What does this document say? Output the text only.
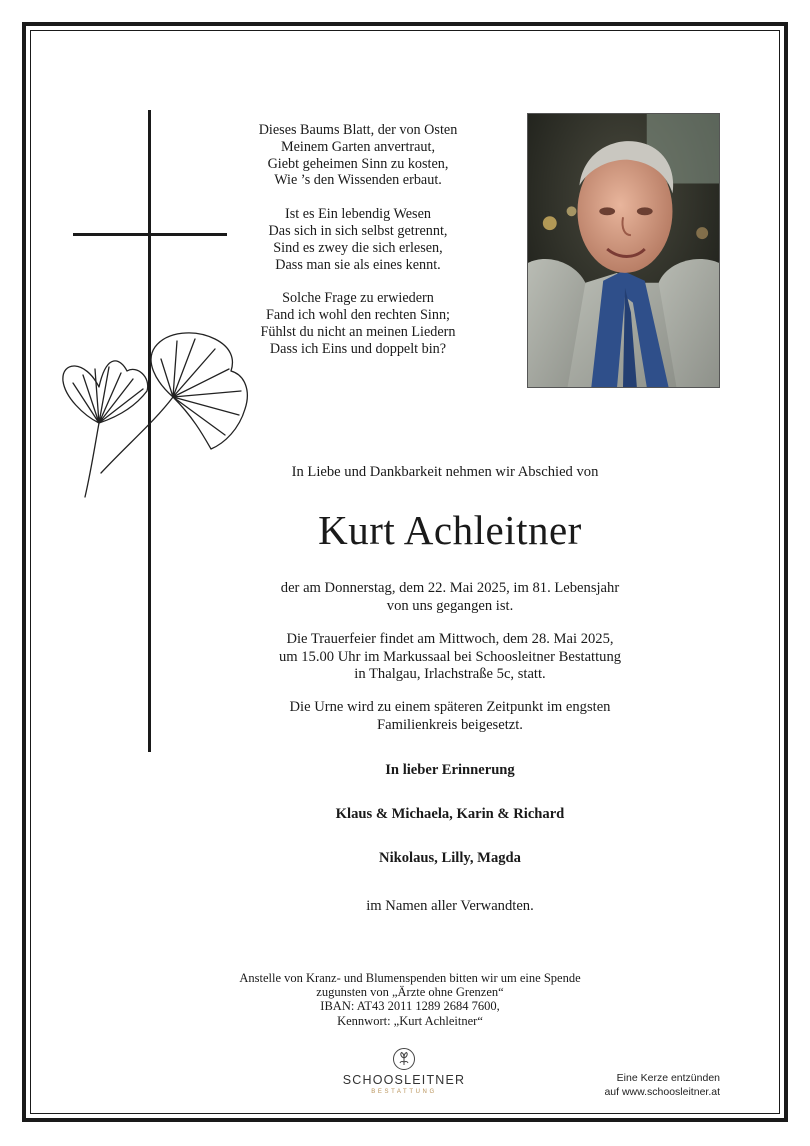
Dieses Baums Blatt, der von Osten
Meinem Garten anvertraut,
Giebt geheimen Sinn zu kosten,
Wie ’s den Wissenden erbaut.
Ist es Ein lebendig Wesen
Das sich in sich selbst getrennt,
Sind es zwey die sich erlesen,
Dass man sie als eines kennt.
Solche Frage zu erwiedern
Fand ich wohl den rechten Sinn;
Fühlst du nicht an meinen Liedern
Dass ich Eins und doppelt bin?
In Liebe und Dankbarkeit nehmen wir Abschied von
Kurt Achleitner
der am Donnerstag, dem 22. Mai 2025, im 81. Lebensjahr
von uns gegangen ist.
Die Trauerfeier findet am Mittwoch, dem 28. Mai 2025,
um 15.00 Uhr im Markussaal bei Schoosleitner Bestattung
in Thalgau, Irlachstraße 5c, statt.
Die Urne wird zu einem späteren Zeitpunkt im engsten
Familienkreis beigesetzt.
In lieber Erinnerung
Klaus & Michaela, Karin & Richard
Nikolaus, Lilly, Magda
im Namen aller Verwandten.
Anstelle von Kranz- und Blumenspenden bitten wir um eine Spende
zugunsten von „Ärzte ohne Grenzen“
IBAN: AT43 2011 1289 2684 7600,
Kennwort: „Kurt Achleitner“
SCHOOSLEITNER
BESTATTUNG
Eine Kerze entzünden
auf www.schoosleitner.at
